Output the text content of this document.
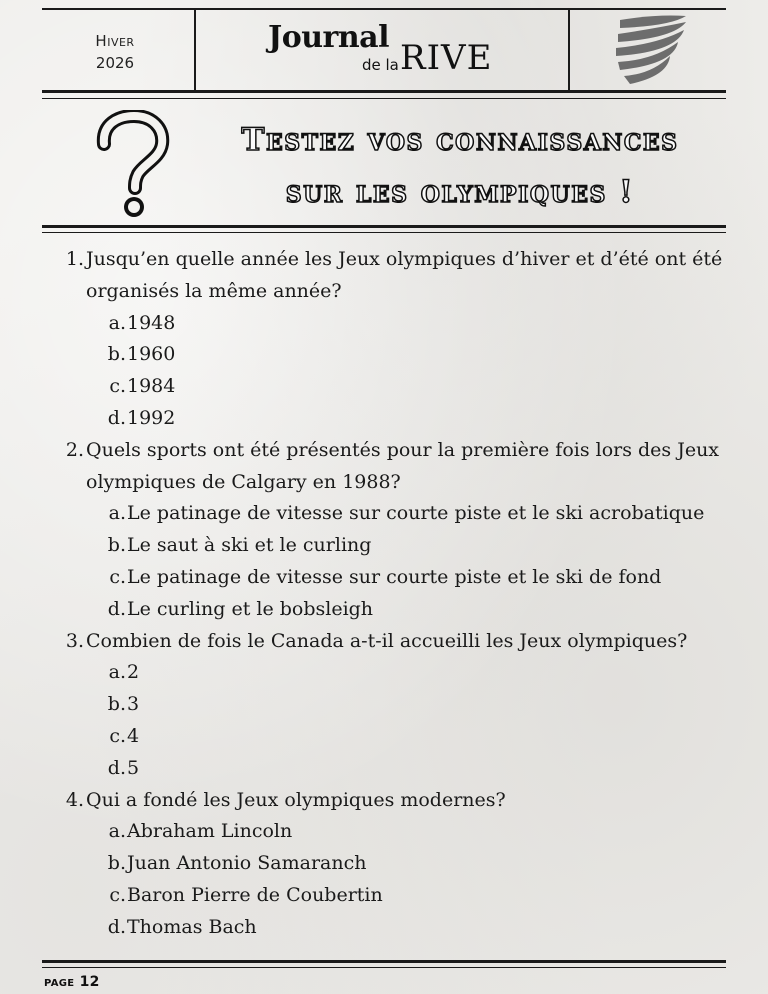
Hiver
2026
Journal
de la RIVE
Testez vos connaissances
sur les olympiques !
1. Jusqu’en quelle année les Jeux olympiques d’hiver et d’été ont été organisés la même année?
a. 1948
b. 1960
c. 1984
d. 1992
2. Quels sports ont été présentés pour la première fois lors des Jeux olympiques de Calgary en 1988?
a. Le patinage de vitesse sur courte piste et le ski acrobatique
b. Le saut à ski et le curling
c. Le patinage de vitesse sur courte piste et le ski de fond
d. Le curling et le bobsleigh
3. Combien de fois le Canada a-t-il accueilli les Jeux olympiques?
a. 2
b. 3
c. 4
d. 5
4. Qui a fondé les Jeux olympiques modernes?
a. Abraham Lincoln
b. Juan Antonio Samaranch
c. Baron Pierre de Coubertin
d. Thomas Bach
page 12
